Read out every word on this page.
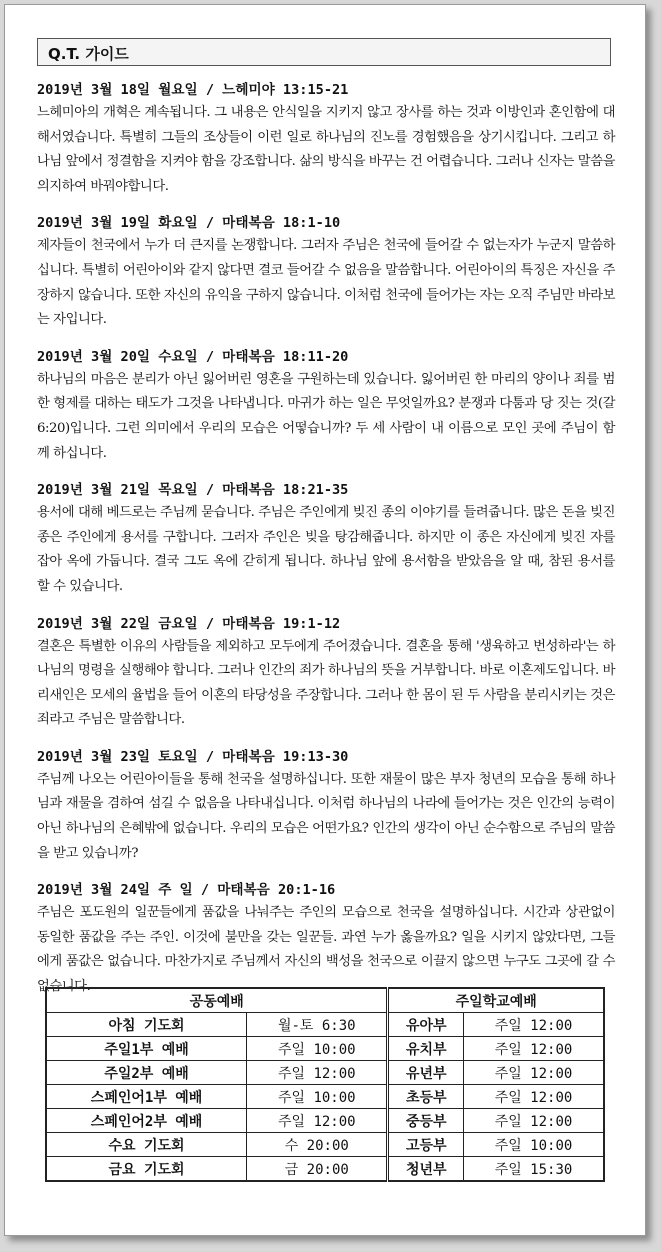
Q.T. 가이드
2019년 3월 18일 월요일 / 느헤미야 13:15-21
느헤미아의 개혁은 계속됩니다. 그 내용은 안식일을 지키지 않고 장사를 하는 것과 이방인과 혼인함에 대해서였습니다. 특별히 그들의 조상들이 이런 일로 하나님의 진노를 경험했음을 상기시킵니다. 그리고 하나님 앞에서 정결함을 지켜야 함을 강조합니다. 삶의 방식을 바꾸는 건 어렵습니다. 그러나 신자는 말씀을 의지하여 바꿔야합니다.
2019년 3월 19일 화요일 / 마태복음 18:1-10
제자들이 천국에서 누가 더 큰지를 논쟁합니다. 그러자 주님은 천국에 들어갈 수 없는자가 누군지 말씀하십니다. 특별히 어린아이와 같지 않다면 결코 들어갈 수 없음을 말씀합니다. 어린아이의 특징은 자신을 주장하지 않습니다. 또한 자신의 유익을 구하지 않습니다. 이처럼 천국에 들어가는 자는 오직 주님만 바라보는 자입니다.
2019년 3월 20일 수요일 / 마태복음 18:11-20
하나님의 마음은 분리가 아닌 잃어버린 영혼을 구원하는데 있습니다. 잃어버린 한 마리의 양이나 죄를 범한 형제를 대하는 태도가 그것을 나타냅니다. 마귀가 하는 일은 무엇일까요? 분쟁과 다툼과 당 짓는 것(갈6:20)입니다. 그런 의미에서 우리의 모습은 어떻습니까? 두 세 사람이 내 이름으로 모인 곳에 주님이 함께 하십니다.
2019년 3월 21일 목요일 / 마태복음 18:21-35
용서에 대해 베드로는 주님께 묻습니다. 주님은 주인에게 빚진 종의 이야기를 들려줍니다. 많은 돈을 빚진 종은 주인에게 용서를 구합니다. 그러자 주인은 빚을 탕감해줍니다. 하지만 이 종은 자신에게 빚진 자를 잡아 옥에 가둡니다. 결국 그도 옥에 갇히게 됩니다. 하나님 앞에 용서함을 받았음을 알 때, 참된 용서를 할 수 있습니다.
2019년 3월 22일 금요일 / 마태복음 19:1-12
결혼은 특별한 이유의 사람들을 제외하고 모두에게 주어졌습니다. 결혼을 통해 '생육하고 번성하라'는 하나님의 명령을 실행해야 합니다. 그러나 인간의 죄가 하나님의 뜻을 거부합니다. 바로 이혼제도입니다. 바리새인은 모세의 율법을 들어 이혼의 타당성을 주장합니다. 그러나 한 몸이 된 두 사람을 분리시키는 것은 죄라고 주님은 말씀합니다.
2019년 3월 23일 토요일 / 마태복음 19:13-30
주님께 나오는 어린아이들을 통해 천국을 설명하십니다. 또한 재물이 많은 부자 청년의 모습을 통해 하나님과 재물을 겸하여 섬길 수 없음을 나타내십니다. 이처럼 하나님의 나라에 들어가는 것은 인간의 능력이 아닌 하나님의 은혜밖에 없습니다. 우리의 모습은 어떤가요? 인간의 생각이 아닌 순수함으로 주님의 말씀을 받고 있습니까?
2019년 3월 24일 주 일 / 마태복음 20:1-16
주님은 포도원의 일꾼들에게 품값을 나눠주는 주인의 모습으로 천국을 설명하십니다. 시간과 상관없이 동일한 품값을 주는 주인. 이것에 불만을 갖는 일꾼들. 과연 누가 옳을까요? 일을 시키지 않았다면, 그들에게 품값은 없습니다. 마찬가지로 주님께서 자신의 백성을 천국으로 이끌지 않으면 누구도 그곳에 갈 수 없습니다.
공동예배		주일학교예배	
아침 기도회	월-토 6:30	유아부	주일 12:00
주일1부 예배	주일 10:00	유치부	주일 12:00
주일2부 예배	주일 12:00	유년부	주일 12:00
스페인어1부 예배	주일 10:00	초등부	주일 12:00
스페인어2부 예배	주일 12:00	중등부	주일 12:00
수요 기도회	수 20:00	고등부	주일 10:00
금요 기도회	금 20:00	청년부	주일 15:30
